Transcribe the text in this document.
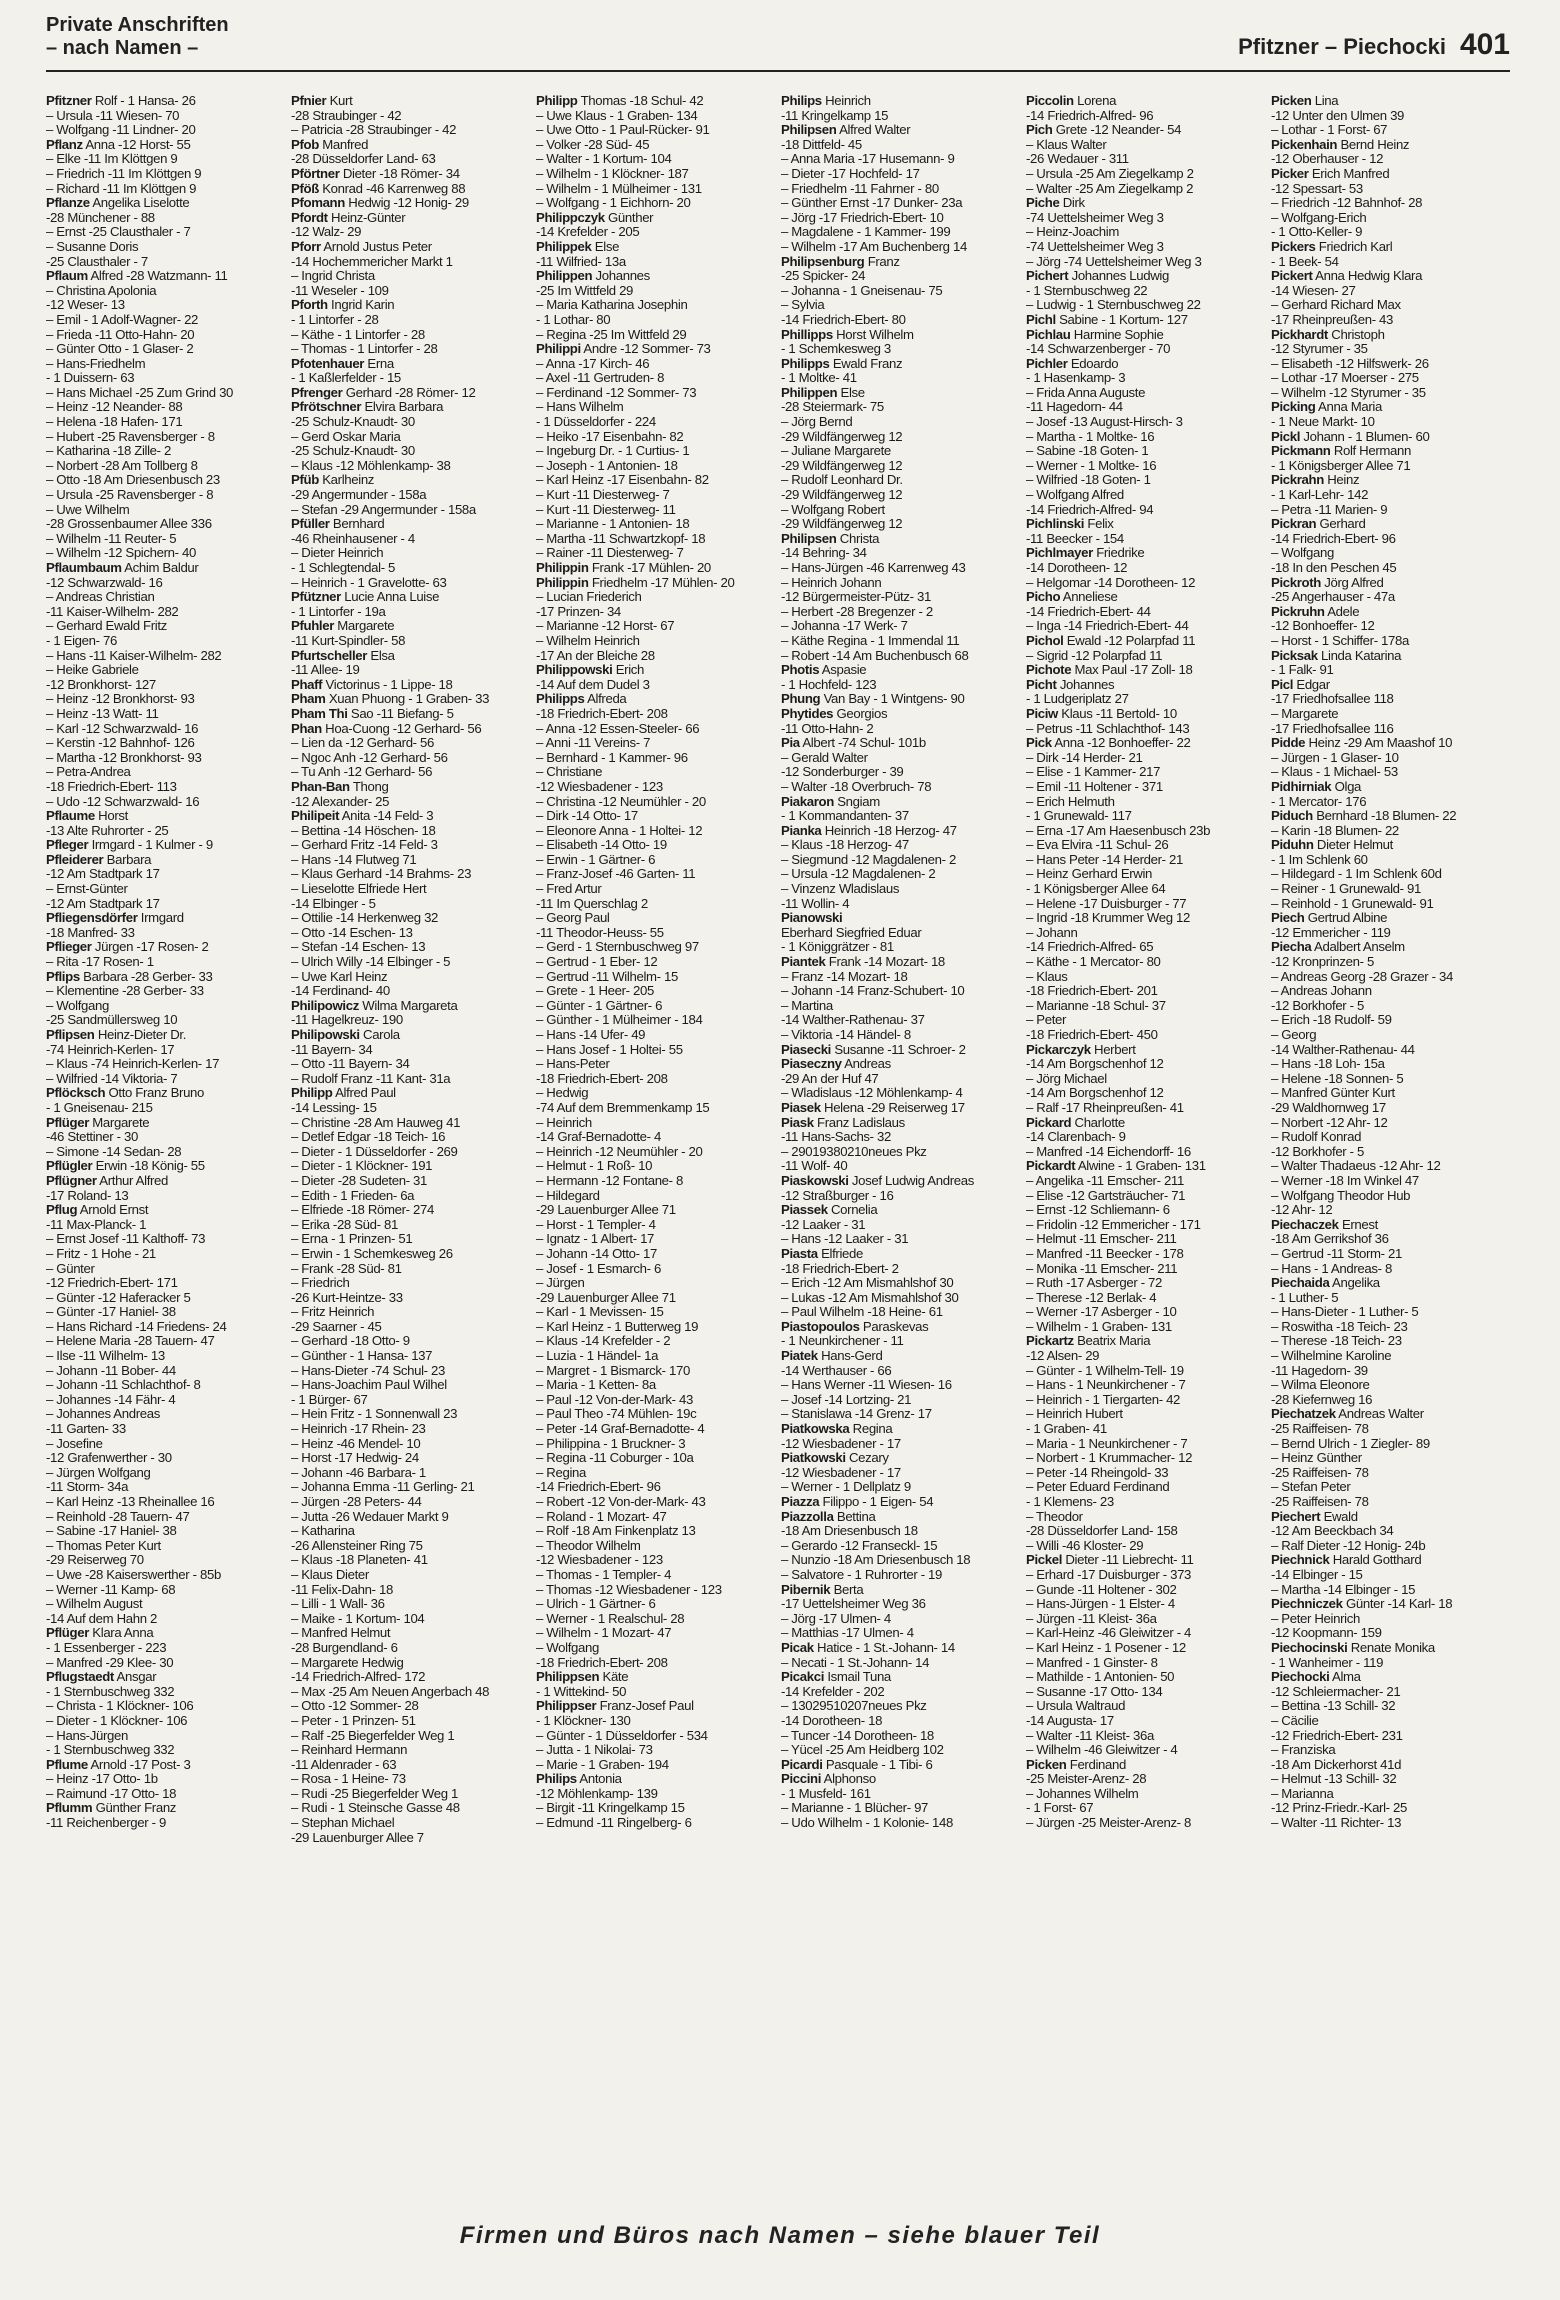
Private Anschriften
– nach Namen –	Pfitzner – Piechocki 401
Pfitzner Rolf - 1 Hansa- 26
– Ursula -11 Wiesen- 70
– Wolfgang -11 Lindner- 20
Pflanz Anna -12 Horst- 55
– Elke -11 Im Klöttgen 9
– Friedrich -11 Im Klöttgen 9
– Richard -11 Im Klöttgen 9
Pflanze Angelika Liselotte
-28 Münchener - 88
– Ernst -25 Clausthaler - 7
– Susanne Doris
-25 Clausthaler - 7
Pflaum Alfred -28 Watzmann- 11
– Christina Apolonia
-12 Weser- 13
– Emil - 1 Adolf-Wagner- 22
– Frieda -11 Otto-Hahn- 20
– Günter Otto - 1 Glaser- 2
– Hans-Friedhelm
- 1 Duissern- 63
– Hans Michael -25 Zum Grind 30
– Heinz -12 Neander- 88
– Helena -18 Hafen- 171
– Hubert -25 Ravensberger - 8
– Katharina -18 Zille- 2
– Norbert -28 Am Tollberg 8
– Otto -18 Am Driesenbusch 23
– Ursula -25 Ravensberger - 8
– Uwe Wilhelm
-28 Grossenbaumer Allee 336
– Wilhelm -11 Reuter- 5
– Wilhelm -12 Spichern- 40
Pflaumbaum Achim Baldur
-12 Schwarzwald- 16
– Andreas Christian
-11 Kaiser-Wilhelm- 282
– Gerhard Ewald Fritz
- 1 Eigen- 76
– Hans -11 Kaiser-Wilhelm- 282
– Heike Gabriele
-12 Bronkhorst- 127
– Heinz -12 Bronkhorst- 93
– Heinz -13 Watt- 11
– Karl -12 Schwarzwald- 16
– Kerstin -12 Bahnhof- 126
– Martha -12 Bronkhorst- 93
– Petra-Andrea
-18 Friedrich-Ebert- 113
– Udo -12 Schwarzwald- 16
Pflaume Horst
-13 Alte Ruhrorter - 25
Pfleger Irmgard - 1 Kulmer - 9
Pfleiderer Barbara
-12 Am Stadtpark 17
– Ernst-Günter
-12 Am Stadtpark 17
Pfliegensdörfer Irmgard
-18 Manfred- 33
Pflieger Jürgen -17 Rosen- 2
– Rita -17 Rosen- 1
Pflips Barbara -28 Gerber- 33
– Klementine -28 Gerber- 33
– Wolfgang
-25 Sandmüllersweg 10
Pflipsen Heinz-Dieter Dr.
-74 Heinrich-Kerlen- 17
– Klaus -74 Heinrich-Kerlen- 17
– Wilfried -14 Viktoria- 7
Pflöcksch Otto Franz Bruno
- 1 Gneisenau- 215
Pflüger Margarete
-46 Stettiner - 30
– Simone -14 Sedan- 28
Pflügler Erwin -18 König- 55
Pflügner Arthur Alfred
-17 Roland- 13
Pflug Arnold Ernst
-11 Max-Planck- 1
– Ernst Josef -11 Kalthoff- 73
– Fritz - 1 Hohe - 21
– Günter
-12 Friedrich-Ebert- 171
– Günter -12 Haferacker 5
– Günter -17 Haniel- 38
– Hans Richard -14 Friedens- 24
– Helene Maria -28 Tauern- 47
– Ilse -11 Wilhelm- 13
– Johann -11 Bober- 44
– Johann -11 Schlachthof- 8
– Johannes -14 Fähr- 4
– Johannes Andreas
-11 Garten- 33
– Josefine
-12 Grafenwerther - 30
– Jürgen Wolfgang
-11 Storm- 34a
– Karl Heinz -13 Rheinallee 16
– Reinhold -28 Tauern- 47
– Sabine -17 Haniel- 38
– Thomas Peter Kurt
-29 Reiserweg 70
– Uwe -28 Kaiserswerther - 85b
– Werner -11 Kamp- 68
– Wilhelm August
-14 Auf dem Hahn 2
Pflüger Klara Anna
- 1 Essenberger - 223
– Manfred -29 Klee- 30
Pflugstaedt Ansgar
- 1 Sternbuschweg 332
– Christa - 1 Klöckner- 106
– Dieter - 1 Klöckner- 106
– Hans-Jürgen
- 1 Sternbuschweg 332
Pflume Arnold -17 Post- 3
– Heinz -17 Otto- 1b
– Raimund -17 Otto- 18
Pflumm Günther Franz
-11 Reichenberger - 9
Pfnier Kurt
-28 Straubinger - 42
– Patricia -28 Straubinger - 42
Pfob Manfred
-28 Düsseldorfer Land- 63
Pförtner Dieter -18 Römer- 34
Pföß Konrad -46 Karrenweg 88
Pfomann Hedwig -12 Honig- 29
Pfordt Heinz-Günter
-12 Walz- 29
Pforr Arnold Justus Peter
-14 Hochemmericher Markt 1
– Ingrid Christa
-11 Weseler - 109
Pforth Ingrid Karin
- 1 Lintorfer - 28
– Käthe - 1 Lintorfer - 28
– Thomas - 1 Lintorfer - 28
Pfotenhauer Erna
- 1 Kaßlerfelder - 15
Pfrenger Gerhard -28 Römer- 12
Pfrötschner Elvira Barbara
-25 Schulz-Knaudt- 30
– Gerd Oskar Maria
-25 Schulz-Knaudt- 30
– Klaus -12 Möhlenkamp- 38
Pfüb Karlheinz
-29 Angermunder - 158a
– Stefan -29 Angermunder - 158a
Pfüller Bernhard
-46 Rheinhausener - 4
– Dieter Heinrich
- 1 Schlegtendal- 5
– Heinrich - 1 Gravelotte- 63
Pfützner Lucie Anna Luise
- 1 Lintorfer - 19a
Pfuhler Margarete
-11 Kurt-Spindler- 58
Pfurtscheller Elsa
-11 Allee- 19
Phaff Victorinus - 1 Lippe- 18
Pham Xuan Phuong - 1 Graben- 33
Pham Thi Sao -11 Biefang- 5
Phan Hoa-Cuong -12 Gerhard- 56
– Lien da -12 Gerhard- 56
– Ngoc Anh -12 Gerhard- 56
– Tu Anh -12 Gerhard- 56
Phan-Ban Thong
-12 Alexander- 25
Philipeit Anita -14 Feld- 3
– Bettina -14 Höschen- 18
– Gerhard Fritz -14 Feld- 3
– Hans -14 Flutweg 71
– Klaus Gerhard -14 Brahms- 23
– Lieselotte Elfriede Hert
-14 Elbinger - 5
– Ottilie -14 Herkenweg 32
– Otto -14 Eschen- 13
– Stefan -14 Eschen- 13
– Ulrich Willy -14 Elbinger - 5
– Uwe Karl Heinz
-14 Ferdinand- 40
Philipowicz Wilma Margareta
-11 Hagelkreuz- 190
Philipowski Carola
-11 Bayern- 34
– Otto -11 Bayern- 34
– Rudolf Franz -11 Kant- 31a
Philipp Alfred Paul
-14 Lessing- 15
– Christine -28 Am Hauweg 41
– Detlef Edgar -18 Teich- 16
– Dieter - 1 Düsseldorfer - 269
– Dieter - 1 Klöckner- 191
– Dieter -28 Sudeten- 31
– Edith - 1 Frieden- 6a
– Elfriede -18 Römer- 274
– Erika -28 Süd- 81
– Erna - 1 Prinzen- 51
– Erwin - 1 Schemkesweg 26
– Frank -28 Süd- 81
– Friedrich
-26 Kurt-Heintze- 33
– Fritz Heinrich
-29 Saarner - 45
– Gerhard -18 Otto- 9
– Günther - 1 Hansa- 137
– Hans-Dieter -74 Schul- 23
– Hans-Joachim Paul Wilhel
- 1 Bürger- 67
– Hein Fritz - 1 Sonnenwall 23
– Heinrich -17 Rhein- 23
– Heinz -46 Mendel- 10
– Horst -17 Hedwig- 24
– Johann -46 Barbara- 1
– Johanna Emma -11 Gerling- 21
– Jürgen -28 Peters- 44
– Jutta -26 Wedauer Markt 9
– Katharina
-26 Allensteiner Ring 75
– Klaus -18 Planeten- 41
– Klaus Dieter
-11 Felix-Dahn- 18
– Lilli - 1 Wall- 36
– Maike - 1 Kortum- 104
– Manfred Helmut
-28 Burgendland- 6
– Margarete Hedwig
-14 Friedrich-Alfred- 172
– Max -25 Am Neuen Angerbach 48
– Otto -12 Sommer- 28
– Peter - 1 Prinzen- 51
– Ralf -25 Biegerfelder Weg 1
– Reinhard Hermann
-11 Aldenrader - 63
– Rosa - 1 Heine- 73
– Rudi -25 Biegerfelder Weg 1
– Rudi - 1 Steinsche Gasse 48
– Stephan Michael
-29 Lauenburger Allee 7
Philipp Thomas -18 Schul- 42
– Uwe Klaus - 1 Graben- 134
– Uwe Otto - 1 Paul-Rücker- 91
– Volker -28 Süd- 45
– Walter - 1 Kortum- 104
– Wilhelm - 1 Klöckner- 187
– Wilhelm - 1 Mülheimer - 131
– Wolfgang - 1 Eichhorn- 20
Philippczyk Günther
-14 Krefelder - 205
Philippek Else
-11 Wilfried- 13a
Philippen Johannes
-25 Im Wittfeld 29
– Maria Katharina Josephin
- 1 Lothar- 80
– Regina -25 Im Wittfeld 29
Philippi Andre -12 Sommer- 73
– Anna -17 Kirch- 46
– Axel -11 Gertruden- 8
– Ferdinand -12 Sommer- 73
– Hans Wilhelm
- 1 Düsseldorfer - 224
– Heiko -17 Eisenbahn- 82
– Ingeburg Dr. - 1 Curtius- 1
– Joseph - 1 Antonien- 18
– Karl Heinz -17 Eisenbahn- 82
– Kurt -11 Diesterweg- 7
– Kurt -11 Diesterweg- 11
– Marianne - 1 Antonien- 18
– Martha -11 Schwartzkopf- 18
– Rainer -11 Diesterweg- 7
Philippin Frank -17 Mühlen- 20
Philippin Friedhelm -17 Mühlen- 20
– Lucian Friederich
-17 Prinzen- 34
– Marianne -12 Horst- 67
– Wilhelm Heinrich
-17 An der Bleiche 28
Philippowski Erich
-14 Auf dem Dudel 3
Philipps Alfreda
-18 Friedrich-Ebert- 208
– Anna -12 Essen-Steeler- 66
– Anni -11 Vereins- 7
– Bernhard - 1 Kammer- 96
– Christiane
-12 Wiesbadener - 123
– Christina -12 Neumühler - 20
– Dirk -14 Otto- 17
– Eleonore Anna - 1 Holtei- 12
– Elisabeth -14 Otto- 19
– Erwin - 1 Gärtner- 6
– Franz-Josef -46 Garten- 11
– Fred Artur
-11 Im Querschlag 2
– Georg Paul
-11 Theodor-Heuss- 55
– Gerd - 1 Sternbuschweg 97
– Gertrud - 1 Eber- 12
– Gertrud -11 Wilhelm- 15
– Grete - 1 Heer- 205
– Günter - 1 Gärtner- 6
– Günther - 1 Mülheimer - 184
– Hans -14 Ufer- 49
– Hans Josef - 1 Holtei- 55
– Hans-Peter
-18 Friedrich-Ebert- 208
– Hedwig
-74 Auf dem Bremmenkamp 15
– Heinrich
-14 Graf-Bernadotte- 4
– Heinrich -12 Neumühler - 20
– Helmut - 1 Roß- 10
– Hermann -12 Fontane- 8
– Hildegard
-29 Lauenburger Allee 71
– Horst - 1 Templer- 4
– Ignatz - 1 Albert- 17
– Johann -14 Otto- 17
– Josef - 1 Esmarch- 6
– Jürgen
-29 Lauenburger Allee 71
– Karl - 1 Mevissen- 15
– Karl Heinz - 1 Butterweg 19
– Klaus -14 Krefelder - 2
– Luzia - 1 Händel- 1a
– Margret - 1 Bismarck- 170
– Maria - 1 Ketten- 8a
– Paul -12 Von-der-Mark- 43
– Paul Theo -74 Mühlen- 19c
– Peter -14 Graf-Bernadotte- 4
– Philippina - 1 Bruckner- 3
– Regina -11 Coburger - 10a
– Regina
-14 Friedrich-Ebert- 96
– Robert -12 Von-der-Mark- 43
– Roland - 1 Mozart- 47
– Rolf -18 Am Finkenplatz 13
– Theodor Wilhelm
-12 Wiesbadener - 123
– Thomas - 1 Templer- 4
– Thomas -12 Wiesbadener - 123
– Ulrich - 1 Gärtner- 6
– Werner - 1 Realschul- 28
– Wilhelm - 1 Mozart- 47
– Wolfgang
-18 Friedrich-Ebert- 208
Philippsen Käte
- 1 Wittekind- 50
Philippser Franz-Josef Paul
- 1 Klöckner- 130
– Günter - 1 Düsseldorfer - 534
– Jutta - 1 Nikolai- 73
– Marie - 1 Graben- 194
Philips Antonia
-12 Möhlenkamp- 139
– Birgit -11 Kringelkamp 15
– Edmund -11 Ringelberg- 6
Philips Heinrich
-11 Kringelkamp 15
Philipsen Alfred Walter
-18 Dittfeld- 45
– Anna Maria -17 Husemann- 9
– Dieter -17 Hochfeld- 17
– Friedhelm -11 Fahrner - 80
– Günther Ernst -17 Dunker- 23a
– Jörg -17 Friedrich-Ebert- 10
– Magdalene - 1 Kammer- 199
– Wilhelm -17 Am Buchenberg 14
Philipsenburg Franz
-25 Spicker- 24
– Johanna - 1 Gneisenau- 75
– Sylvia
-14 Friedrich-Ebert- 80
Phillipps Horst Wilhelm
- 1 Schemkesweg 3
Philipps Ewald Franz
- 1 Moltke- 41
Philippen Else
-28 Steiermark- 75
– Jörg Bernd
-29 Wildfängerweg 12
– Juliane Margarete
-29 Wildfängerweg 12
– Rudolf Leonhard Dr.
-29 Wildfängerweg 12
– Wolfgang Robert
-29 Wildfängerweg 12
Philipsen Christa
-14 Behring- 34
– Hans-Jürgen -46 Karrenweg 43
– Heinrich Johann
-12 Bürgermeister-Pütz- 31
– Herbert -28 Bregenzer - 2
– Johanna -17 Werk- 7
– Käthe Regina - 1 Immendal 11
– Robert -14 Am Buchenbusch 68
Photis Aspasie
- 1 Hochfeld- 123
Phung Van Bay - 1 Wintgens- 90
Phytides Georgios
-11 Otto-Hahn- 2
Pia Albert -74 Schul- 101b
– Gerald Walter
-12 Sonderburger - 39
– Walter -18 Overbruch- 78
Piakaron Sngiam
- 1 Kommandanten- 37
Pianka Heinrich -18 Herzog- 47
– Klaus -18 Herzog- 47
– Siegmund -12 Magdalenen- 2
– Ursula -12 Magdalenen- 2
– Vinzenz Wladislaus
-11 Wollin- 4
Pianowski
Eberhard Siegfried Eduar
- 1 Königgrätzer - 81
Piantek Frank -14 Mozart- 18
– Franz -14 Mozart- 18
– Johann -14 Franz-Schubert- 10
– Martina
-14 Walther-Rathenau- 37
– Viktoria -14 Händel- 8
Piasecki Susanne -11 Schroer- 2
Piaseczny Andreas
-29 An der Huf 47
– Wladislaus -12 Möhlenkamp- 4
Piasek Helena -29 Reiserweg 17
Piask Franz Ladislaus
-11 Hans-Sachs- 32
– 29019380210neues Pkz
-11 Wolf- 40
Piaskowski Josef Ludwig Andreas
-12 Straßburger - 16
Piassek Cornelia
-12 Laaker - 31
– Hans -12 Laaker - 31
Piasta Elfriede
-18 Friedrich-Ebert- 2
– Erich -12 Am Mismahlshof 30
– Lukas -12 Am Mismahlshof 30
– Paul Wilhelm -18 Heine- 61
Piastopoulos Paraskevas
- 1 Neunkirchener - 11
Piatek Hans-Gerd
-14 Werthauser - 66
– Hans Werner -11 Wiesen- 16
– Josef -14 Lortzing- 21
– Stanislawa -14 Grenz- 17
Piatkowska Regina
-12 Wiesbadener - 17
Piatkowski Cezary
-12 Wiesbadener - 17
– Werner - 1 Dellplatz 9
Piazza Filippo - 1 Eigen- 54
Piazzolla Bettina
-18 Am Driesenbusch 18
– Gerardo -12 Franseckl- 15
– Nunzio -18 Am Driesenbusch 18
– Salvatore - 1 Ruhrorter - 19
Pibernik Berta
-17 Uettelsheimer Weg 36
– Jörg -17 Ulmen- 4
– Matthias -17 Ulmen- 4
Picak Hatice - 1 St.-Johann- 14
– Necati - 1 St.-Johann- 14
Picakci Ismail Tuna
-14 Krefelder - 202
– 13029510207neues Pkz
-14 Dorotheen- 18
– Tuncer -14 Dorotheen- 18
– Yücel -25 Am Heidberg 102
Picardi Pasquale - 1 Tibi- 6
Piccini Alphonso
- 1 Musfeld- 161
– Marianne - 1 Blücher- 97
– Udo Wilhelm - 1 Kolonie- 148
Piccolin Lorena
-14 Friedrich-Alfred- 96
Pich Grete -12 Neander- 54
– Klaus Walter
-26 Wedauer - 311
– Ursula -25 Am Ziegelkamp 2
– Walter -25 Am Ziegelkamp 2
Piche Dirk
-74 Uettelsheimer Weg 3
– Heinz-Joachim
-74 Uettelsheimer Weg 3
– Jörg -74 Uettelsheimer Weg 3
Pichert Johannes Ludwig
- 1 Sternbuschweg 22
– Ludwig - 1 Sternbuschweg 22
Pichl Sabine - 1 Kortum- 127
Pichlau Harmine Sophie
-14 Schwarzenberger - 70
Pichler Edoardo
- 1 Hasenkamp- 3
– Frida Anna Auguste
-11 Hagedorn- 44
– Josef -13 August-Hirsch- 3
– Martha - 1 Moltke- 16
– Sabine -18 Goten- 1
– Werner - 1 Moltke- 16
– Wilfried -18 Goten- 1
– Wolfgang Alfred
-14 Friedrich-Alfred- 94
Pichlinski Felix
-11 Beecker - 154
Pichlmayer Friedrike
-14 Dorotheen- 12
– Helgomar -14 Dorotheen- 12
Picho Anneliese
-14 Friedrich-Ebert- 44
– Inga -14 Friedrich-Ebert- 44
Pichol Ewald -12 Polarpfad 11
– Sigrid -12 Polarpfad 11
Pichote Max Paul -17 Zoll- 18
Picht Johannes
- 1 Ludgeriplatz 27
Piciw Klaus -11 Bertold- 10
– Petrus -11 Schlachthof- 143
Pick Anna -12 Bonhoeffer- 22
– Dirk -14 Herder- 21
– Elise - 1 Kammer- 217
– Emil -11 Holtener - 371
– Erich Helmuth
- 1 Grunewald- 117
– Erna -17 Am Haesenbusch 23b
– Eva Elvira -11 Schul- 26
– Hans Peter -14 Herder- 21
– Heinz Gerhard Erwin
- 1 Königsberger Allee 64
– Helene -17 Duisburger - 77
– Ingrid -18 Krummer Weg 12
– Johann
-14 Friedrich-Alfred- 65
– Käthe - 1 Mercator- 80
– Klaus
-18 Friedrich-Ebert- 201
– Marianne -18 Schul- 37
– Peter
-18 Friedrich-Ebert- 450
Pickarczyk Herbert
-14 Am Borgschenhof 12
– Jörg Michael
-14 Am Borgschenhof 12
– Ralf -17 Rheinpreußen- 41
Pickard Charlotte
-14 Clarenbach- 9
– Manfred -14 Eichendorff- 16
Pickardt Alwine - 1 Graben- 131
– Angelika -11 Emscher- 211
– Elise -12 Gartsträucher- 71
– Ernst -12 Schliemann- 6
– Fridolin -12 Emmericher - 171
– Helmut -11 Emscher- 211
– Manfred -11 Beecker - 178
– Monika -11 Emscher- 211
– Ruth -17 Asberger - 72
– Therese -12 Berlak- 4
– Werner -17 Asberger - 10
– Wilhelm - 1 Graben- 131
Pickartz Beatrix Maria
-12 Alsen- 29
– Günter - 1 Wilhelm-Tell- 19
– Hans - 1 Neunkirchener - 7
– Heinrich - 1 Tiergarten- 42
– Heinrich Hubert
- 1 Graben- 41
– Maria - 1 Neunkirchener - 7
– Norbert - 1 Krummacher- 12
– Peter -14 Rheingold- 33
– Peter Eduard Ferdinand
- 1 Klemens- 23
– Theodor
-28 Düsseldorfer Land- 158
– Willi -46 Kloster- 29
Pickel Dieter -11 Liebrecht- 11
– Erhard -17 Duisburger - 373
– Gunde -11 Holtener - 302
– Hans-Jürgen - 1 Elster- 4
– Jürgen -11 Kleist- 36a
– Karl-Heinz -46 Gleiwitzer - 4
– Karl Heinz - 1 Posener - 12
– Manfred - 1 Ginster- 8
– Mathilde - 1 Antonien- 50
– Susanne -17 Otto- 134
– Ursula Waltraud
-14 Augusta- 17
– Walter -11 Kleist- 36a
– Wilhelm -46 Gleiwitzer - 4
Picken Ferdinand
-25 Meister-Arenz- 28
– Johannes Wilhelm
- 1 Forst- 67
– Jürgen -25 Meister-Arenz- 8
Picken Lina
-12 Unter den Ulmen 39
– Lothar - 1 Forst- 67
Pickenhain Bernd Heinz
-12 Oberhauser - 12
Picker Erich Manfred
-12 Spessart- 53
– Friedrich -12 Bahnhof- 28
– Wolfgang-Erich
- 1 Otto-Keller- 9
Pickers Friedrich Karl
- 1 Beek- 54
Pickert Anna Hedwig Klara
-14 Wiesen- 27
– Gerhard Richard Max
-17 Rheinpreußen- 43
Pickhardt Christoph
-12 Styrumer - 35
– Elisabeth -12 Hilfswerk- 26
– Lothar -17 Moerser - 275
– Wilhelm -12 Styrumer - 35
Picking Anna Maria
- 1 Neue Markt- 10
Pickl Johann - 1 Blumen- 60
Pickmann Rolf Hermann
- 1 Königsberger Allee 71
Pickrahn Heinz
- 1 Karl-Lehr- 142
– Petra -11 Marien- 9
Pickran Gerhard
-14 Friedrich-Ebert- 96
– Wolfgang
-18 In den Peschen 45
Pickroth Jörg Alfred
-25 Angerhauser - 47a
Pickruhn Adele
-12 Bonhoeffer- 12
– Horst - 1 Schiffer- 178a
Picksak Linda Katarina
- 1 Falk- 91
Picl Edgar
-17 Friedhofsallee 118
– Margarete
-17 Friedhofsallee 116
Pidde Heinz -29 Am Maashof 10
– Jürgen - 1 Glaser- 10
– Klaus - 1 Michael- 53
Pidhirniak Olga
- 1 Mercator- 176
Piduch Bernhard -18 Blumen- 22
– Karin -18 Blumen- 22
Piduhn Dieter Helmut
- 1 Im Schlenk 60
– Hildegard - 1 Im Schlenk 60d
– Reiner - 1 Grunewald- 91
– Reinhold - 1 Grunewald- 91
Piech Gertrud Albine
-12 Emmericher - 119
Piecha Adalbert Anselm
-12 Kronprinzen- 5
– Andreas Georg -28 Grazer - 34
– Andreas Johann
-12 Borkhofer - 5
– Erich -18 Rudolf- 59
– Georg
-14 Walther-Rathenau- 44
– Hans -18 Loh- 15a
– Helene -18 Sonnen- 5
– Manfred Günter Kurt
-29 Waldhornweg 17
– Norbert -12 Ahr- 12
– Rudolf Konrad
-12 Borkhofer - 5
– Walter Thadaeus -12 Ahr- 12
– Werner -18 Im Winkel 47
– Wolfgang Theodor Hub
-12 Ahr- 12
Piechaczek Ernest
-18 Am Gerrikshof 36
– Gertrud -11 Storm- 21
– Hans - 1 Andreas- 8
Piechaida Angelika
- 1 Luther- 5
– Hans-Dieter - 1 Luther- 5
– Roswitha -18 Teich- 23
– Therese -18 Teich- 23
– Wilhelmine Karoline
-11 Hagedorn- 39
– Wilma Eleonore
-28 Kiefernweg 16
Piechatzek Andreas Walter
-25 Raiffeisen- 78
– Bernd Ulrich - 1 Ziegler- 89
– Heinz Günther
-25 Raiffeisen- 78
– Stefan Peter
-25 Raiffeisen- 78
Piechert Ewald
-12 Am Beeckbach 34
– Ralf Dieter -12 Honig- 24b
Piechnick Harald Gotthard
-14 Elbinger - 15
– Martha -14 Elbinger - 15
Piechniczek Günter -14 Karl- 18
– Peter Heinrich
-12 Koopmann- 159
Piechocinski Renate Monika
- 1 Wanheimer - 119
Piechocki Alma
-12 Schleiermacher- 21
– Bettina -13 Schill- 32
– Cäcilie
-12 Friedrich-Ebert- 231
– Franziska
-18 Am Dickerhorst 41d
– Helmut -13 Schill- 32
– Marianna
-12 Prinz-Friedr.-Karl- 25
– Walter -11 Richter- 13
Firmen und Büros nach Namen – siehe blauer Teil
